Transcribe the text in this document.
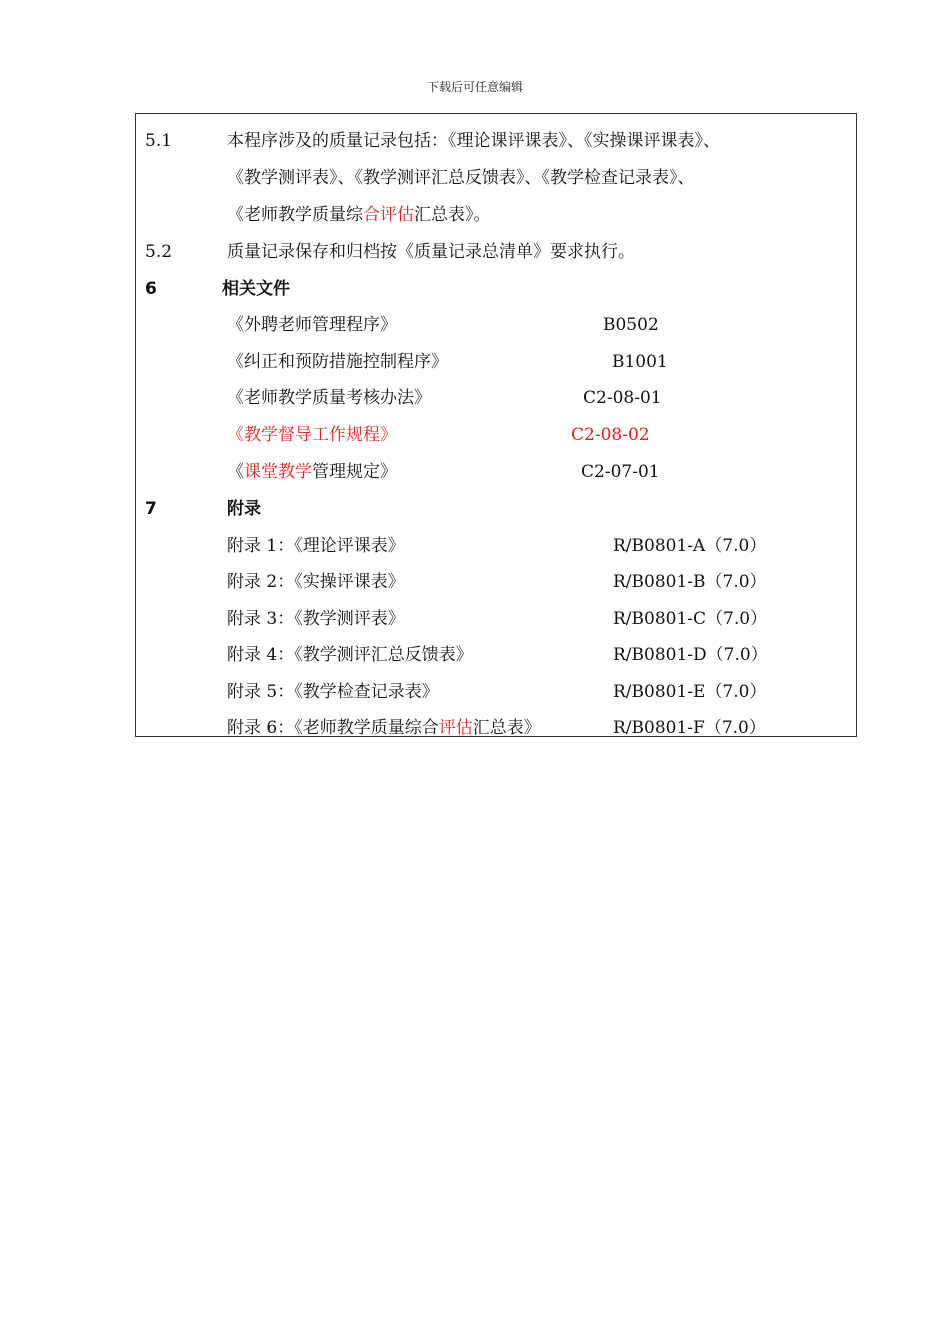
下载后可任意编辑
5.1	本程序涉及的质量记录包括：《理论课评课表》、《实操课评课表》、
《教学测评表》、《教学测评汇总反馈表》、《教学检查记录表》、
《老师教学质量综合评估汇总表》。
5.2	质量记录保存和归档按《质量记录总清单》要求执行。
6	相关文件
《外聘老师管理程序》	B0502
《纠正和预防措施控制程序》	B1001
《老师教学质量考核办法》	C2-08-01
《教学督导工作规程》	C2-08-02
《课堂教学管理规定》	C2-07-01
7	附录
附录 1：《理论评课表》	R/B0801-A（7.0）
附录 2：《实操评课表》	R/B0801-B（7.0）
附录 3：《教学测评表》	R/B0801-C（7.0）
附录 4：《教学测评汇总反馈表》	R/B0801-D（7.0）
附录 5：《教学检查记录表》	R/B0801-E（7.0）
附录 6：《老师教学质量综合评估汇总表》	R/B0801-F（7.0）
